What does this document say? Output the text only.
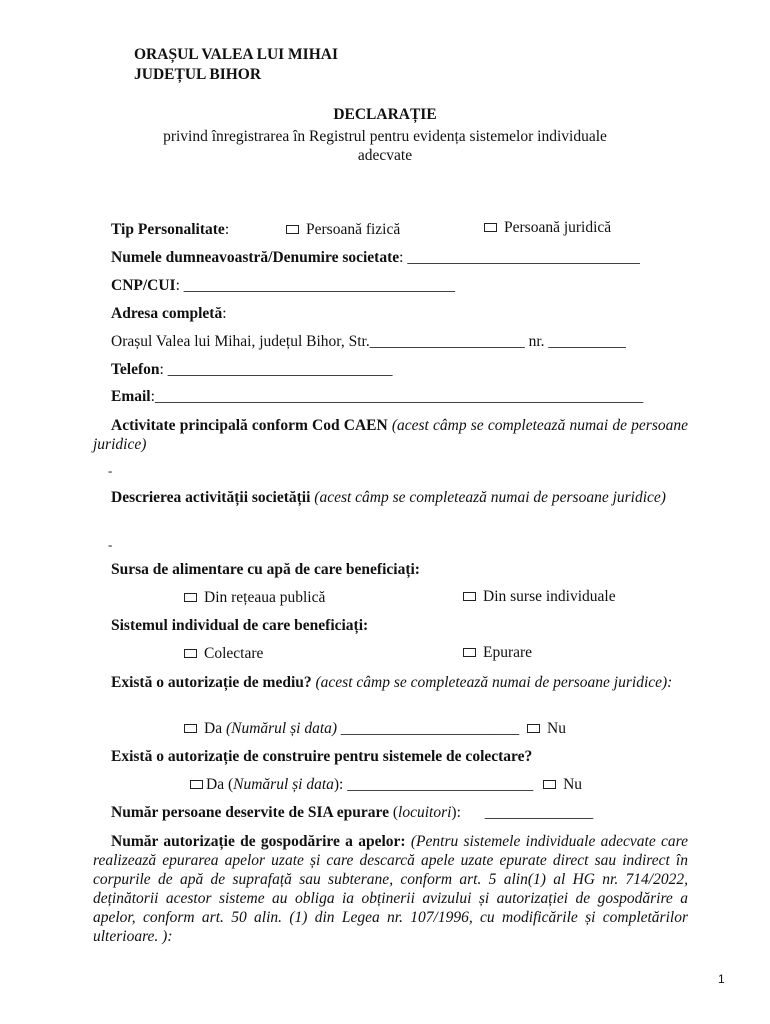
ORAȘUL VALEA LUI MIHAI
JUDEȚUL BIHOR
DECLARAȚIE
privind înregistrarea în Registrul pentru evidența sistemelor individuale
adecvate
Tip Personalitate:	Persoană fizică	Persoană juridică
Numele dumneavoastră/Denumire societate: ______________________________
CNP/CUI: ___________________________________
Adresa completă:
Orașul Valea lui Mihai, județul Bihor, Str.____________________ nr. __________
Telefon: _____________________________
Email:_______________________________________________________________
Activitate principală conform Cod CAEN (acest câmp se completează numai de persoane juridice)
-
Descrierea activității societății (acest câmp se completează numai de persoane juridice)
-
Sursa de alimentare cu apă de care beneficiați:
Din rețeaua publică	Din surse individuale
Sistemul individual de care beneficiați:
Colectare	Epurare
Există o autorizație de mediu? (acest câmp se completează numai de persoane juridice):
Da (Numărul și data) _______________________ Nu
Există o autorizație de construire pentru sistemele de colectare?
Da (Numărul și data): ________________________ Nu
Număr persoane deservite de SIA epurare (locuitori): ______________
Număr autorizație de gospodărire a apelor: (Pentru sistemele individuale adecvate care realizează epurarea apelor uzate și care descarcă apele uzate epurate direct sau indirect în corpurile de apă de suprafață sau subterane, conform art. 5 alin(1) al HG nr. 714/2022, deținătorii acestor sisteme au obliga ia obținerii avizului și autorizației de gospodărire a apelor, conform art. 50 alin. (1) din Legea nr. 107/1996, cu modificările și completărilor ulterioare. ):
1
